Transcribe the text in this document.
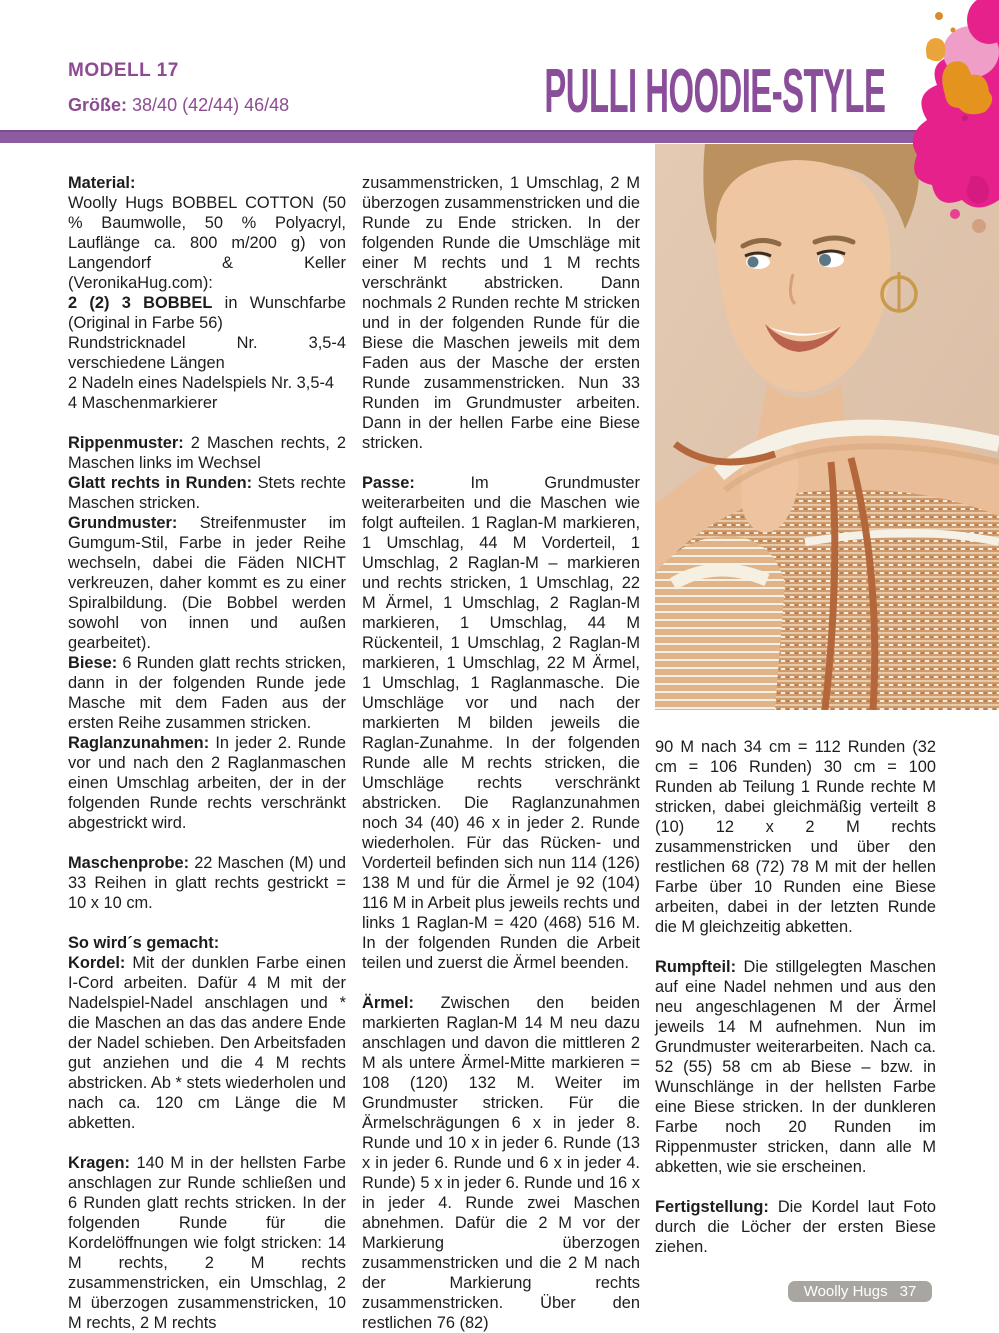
MODELL 17
Größe: 38/40 (42/44) 46/48	PULLI HOODIE-STYLE

Material:
Woolly Hugs BOBBEL COTTON (50 % Baumwolle, 50 % Polyacryl, Lauflänge ca. 800 m/200 g) von Langendorf & Keller (VeronikaHug.com):
2 (2) 3 BOBBEL in Wunschfarbe (Original in Farbe 56)
Rundstricknadel Nr. 3,5-4 verschiedene Längen
2 Nadeln eines Nadelspiels Nr. 3,5-4
4 Maschenmarkierer

Rippenmuster: 2 Maschen rechts, 2 Maschen links im Wechsel
Glatt rechts in Runden: Stets rechte Maschen stricken.
Grundmuster: Streifenmuster im Gumgum-Stil, Farbe in jeder Reihe wechseln, dabei die Fäden NICHT verkreuzen, daher kommt es zu einer Spiralbildung. (Die Bobbel werden sowohl von innen und außen gearbeitet).
Biese: 6 Runden glatt rechts stricken, dann in der folgenden Runde jede Masche mit dem Faden aus der ersten Reihe zusammen stricken.
Raglanzunahmen: In jeder 2. Runde vor und nach den 2 Raglanmaschen einen Umschlag arbeiten, der in der folgenden Runde rechts verschränkt abgestrickt wird.

Maschenprobe: 22 Maschen (M) und 33 Reihen in glatt rechts gestrickt = 10 x 10 cm.

So wird´s gemacht:
Kordel: Mit der dunklen Farbe einen I-Cord arbeiten. Dafür 4 M mit der Nadelspiel-Nadel anschlagen und * die Maschen an das das andere Ende der Nadel schieben. Den Arbeitsfaden gut anziehen und die 4 M rechts abstricken. Ab * stets wiederholen und nach ca. 120 cm Länge die M abketten.

Kragen: 140 M in der hellsten Farbe anschlagen zur Runde schließen und 6 Runden glatt rechts stricken. In der folgenden Runde für die Kordelöffnungen wie folgt stricken: 14 M rechts, 2 M rechts zusammenstricken, ein Umschlag, 2 M überzogen zusammenstricken, 10 M rechts, 2 M rechts

zusammenstricken, 1 Umschlag, 2 M überzogen zusammenstricken und die Runde zu Ende stricken. In der folgenden Runde die Umschläge mit einer M rechts und 1 M rechts verschränkt abstricken. Dann nochmals 2 Runden rechte M stricken und in der folgenden Runde für die Biese die Maschen jeweils mit dem Faden aus der Masche der ersten Runde zusammenstricken. Nun 33 Runden im Grundmuster arbeiten. Dann in der hellen Farbe eine Biese stricken.

Passe: Im Grundmuster weiterarbeiten und die Maschen wie folgt aufteilen. 1 Raglan-M markieren, 1 Umschlag, 44 M Vorderteil, 1 Umschlag, 2 Raglan-M – markieren und rechts stricken, 1 Umschlag, 22 M Ärmel, 1 Umschlag, 2 Raglan-M markieren, 1 Umschlag, 44 M Rückenteil, 1 Umschlag, 2 Raglan-M markieren, 1 Umschlag, 22 M Ärmel, 1 Umschlag, 1 Raglanmasche. Die Umschläge vor und nach der markierten M bilden jeweils die Raglan-Zunahme. In der folgenden Runde alle M rechts stricken, die Umschläge rechts verschränkt abstricken. Die Raglanzunahmen noch 34 (40) 46 x in jeder 2. Runde wiederholen. Für das Rücken- und Vorderteil befinden sich nun 114 (126) 138 M und für die Ärmel je 92 (104) 116 M in Arbeit plus jeweils rechts und links 1 Raglan-M = 420 (468) 516 M. In der folgenden Runden die Arbeit teilen und zuerst die Ärmel beenden.

Ärmel: Zwischen den beiden markierten Raglan-M 14 M neu dazu anschlagen und davon die mittleren 2 M als untere Ärmel-Mitte markieren = 108 (120) 132 M. Weiter im Grundmuster stricken. Für die Ärmelschrägungen 6 x in jeder 8. Runde und 10 x in jeder 6. Runde (13 x in jeder 6. Runde und 6 x in jeder 4. Runde) 5 x in jeder 6. Runde und 16 x in jeder 4. Runde zwei Maschen abnehmen. Dafür die 2 M vor der Markierung überzogen zusammenstricken und die 2 M nach der Markierung rechts zusammenstricken. Über den restlichen 76 (82)

90 M nach 34 cm = 112 Runden (32 cm = 106 Runden) 30 cm = 100 Runden ab Teilung 1 Runde rechte M stricken, dabei gleichmäßig verteilt 8 (10) 12 x 2 M rechts zusammenstricken und über den restlichen 68 (72) 78 M mit der hellen Farbe über 10 Runden eine Biese arbeiten, dabei in der letzten Runde die M gleichzeitig abketten.

Rumpfteil: Die stillgelegten Maschen auf eine Nadel nehmen und aus den neu angeschlagenen M der Ärmel jeweils 14 M aufnehmen. Nun im Grundmuster weiterarbeiten. Nach ca. 52 (55) 58 cm ab Biese – bzw. in Wunschlänge in der hellsten Farbe eine Biese stricken. In der dunkleren Farbe noch 20 Runden im Rippenmuster stricken, dann alle M abketten, wie sie erscheinen.

Fertigstellung: Die Kordel laut Foto durch die Löcher der ersten Biese ziehen.

Woolly Hugs 37
